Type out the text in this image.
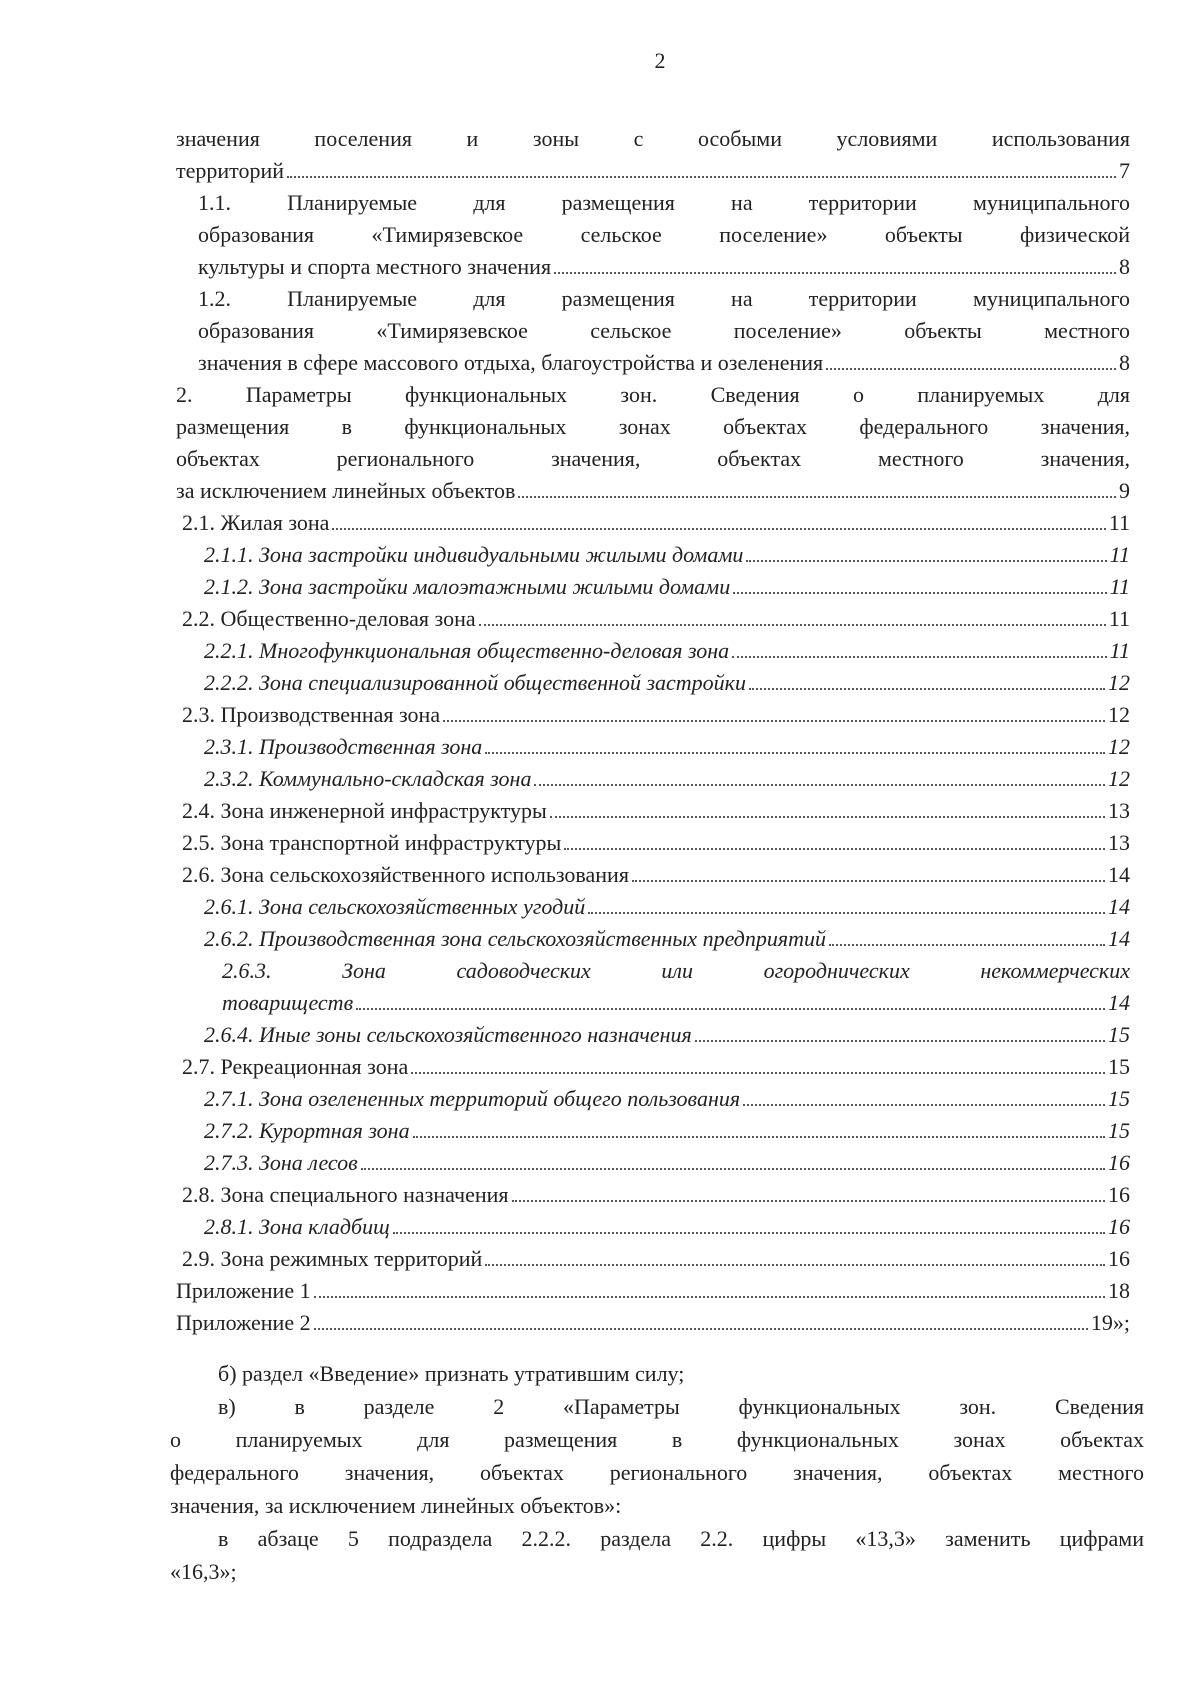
2
значения поселения и зоны с особыми условиями использования
территорий	7
1.1. Планируемые для размещения на территории муниципального
образования «Тимирязевское сельское поселение» объекты физической
культуры и спорта местного значения	8
1.2. Планируемые для размещения на территории муниципального
образования «Тимирязевское сельское поселение» объекты местного
значения в сфере массового отдыха, благоустройства и озеленения	8
2. Параметры функциональных зон. Сведения о планируемых для
размещения в функциональных зонах объектах федерального значения,
объектах регионального значения, объектах местного значения,
за исключением линейных объектов	9
2.1. Жилая зона	11
2.1.1. Зона застройки индивидуальными жилыми домами	11
2.1.2. Зона застройки малоэтажными жилыми домами	11
2.2. Общественно-деловая зона	11
2.2.1. Многофункциональная общественно-деловая зона	11
2.2.2. Зона специализированной общественной застройки	12
2.3. Производственная зона	12
2.3.1. Производственная зона	12
2.3.2. Коммунально-складская зона	12
2.4. Зона инженерной инфраструктуры	13
2.5. Зона транспортной инфраструктуры	13
2.6. Зона сельскохозяйственного использования	14
2.6.1. Зона сельскохозяйственных угодий	14
2.6.2. Производственная зона сельскохозяйственных предприятий	14
2.6.3. Зона садоводческих или огороднических некоммерческих
товариществ	14
2.6.4. Иные зоны сельскохозяйственного назначения	15
2.7. Рекреационная зона	15
2.7.1. Зона озелененных территорий общего пользования	15
2.7.2. Курортная зона	15
2.7.3. Зона лесов	16
2.8. Зона специального назначения	16
2.8.1. Зона кладбищ	16
2.9. Зона режимных территорий	16
Приложение 1	18
Приложение 2	19»;
б) раздел «Введение» признать утратившим силу;
в) в разделе 2 «Параметры функциональных зон. Сведения
о планируемых для размещения в функциональных зонах объектах
федерального значения, объектах регионального значения, объектах местного
значения, за исключением линейных объектов»:
в абзаце 5 подраздела 2.2.2. раздела 2.2. цифры «13,3» заменить цифрами
«16,3»;
